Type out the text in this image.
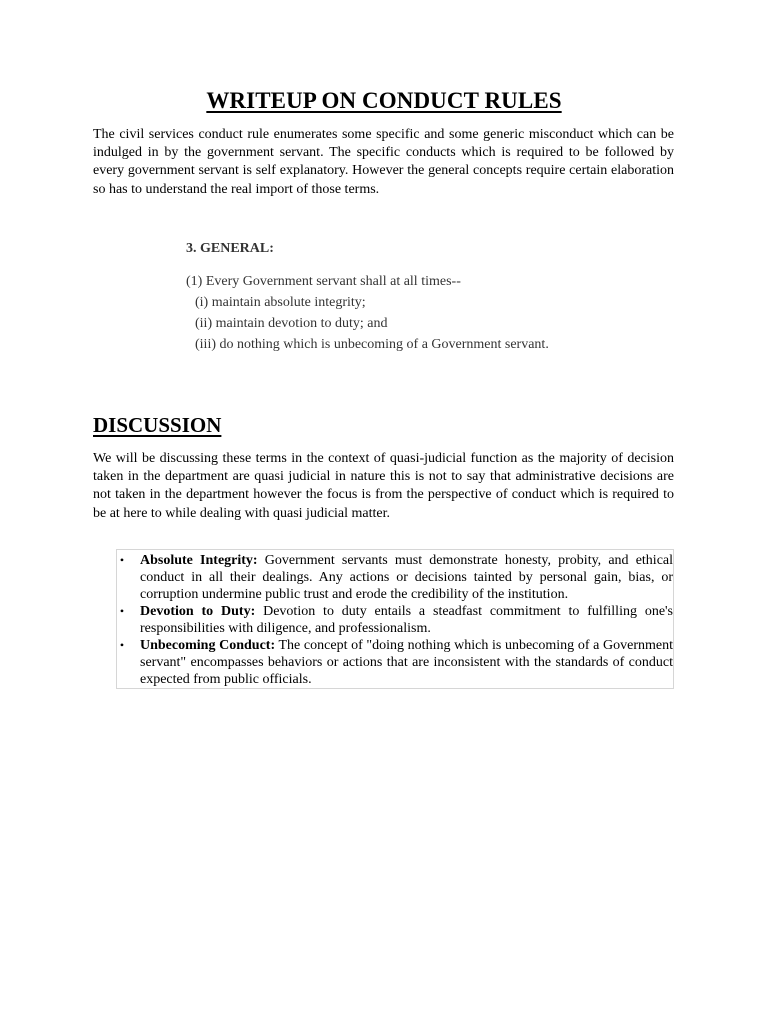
WRITEUP ON CONDUCT RULES
The civil services conduct rule enumerates some specific and some generic misconduct which can be indulged in by the government servant. The specific conducts which is required to be followed by every government servant is self explanatory. However the general concepts require certain elaboration so has to understand the real import of those terms.
3. GENERAL:
(1) Every Government servant shall at all times--
(i) maintain absolute integrity;
(ii) maintain devotion to duty; and
(iii) do nothing which is unbecoming of a Government servant.
DISCUSSION
We will be discussing these terms in the context of quasi-judicial function as the majority of decision taken in the department are quasi judicial in nature this is not to say that administrative decisions are not taken in the department however the focus is from the perspective of conduct which is required to be at here to while dealing with quasi judicial matter.
• Absolute Integrity: Government servants must demonstrate honesty, probity, and ethical conduct in all their dealings. Any actions or decisions tainted by personal gain, bias, or corruption undermine public trust and erode the credibility of the institution.
• Devotion to Duty: Devotion to duty entails a steadfast commitment to fulfilling one's responsibilities with diligence, and professionalism.
• Unbecoming Conduct: The concept of "doing nothing which is unbecoming of a Government servant" encompasses behaviors or actions that are inconsistent with the standards of conduct expected from public officials.
